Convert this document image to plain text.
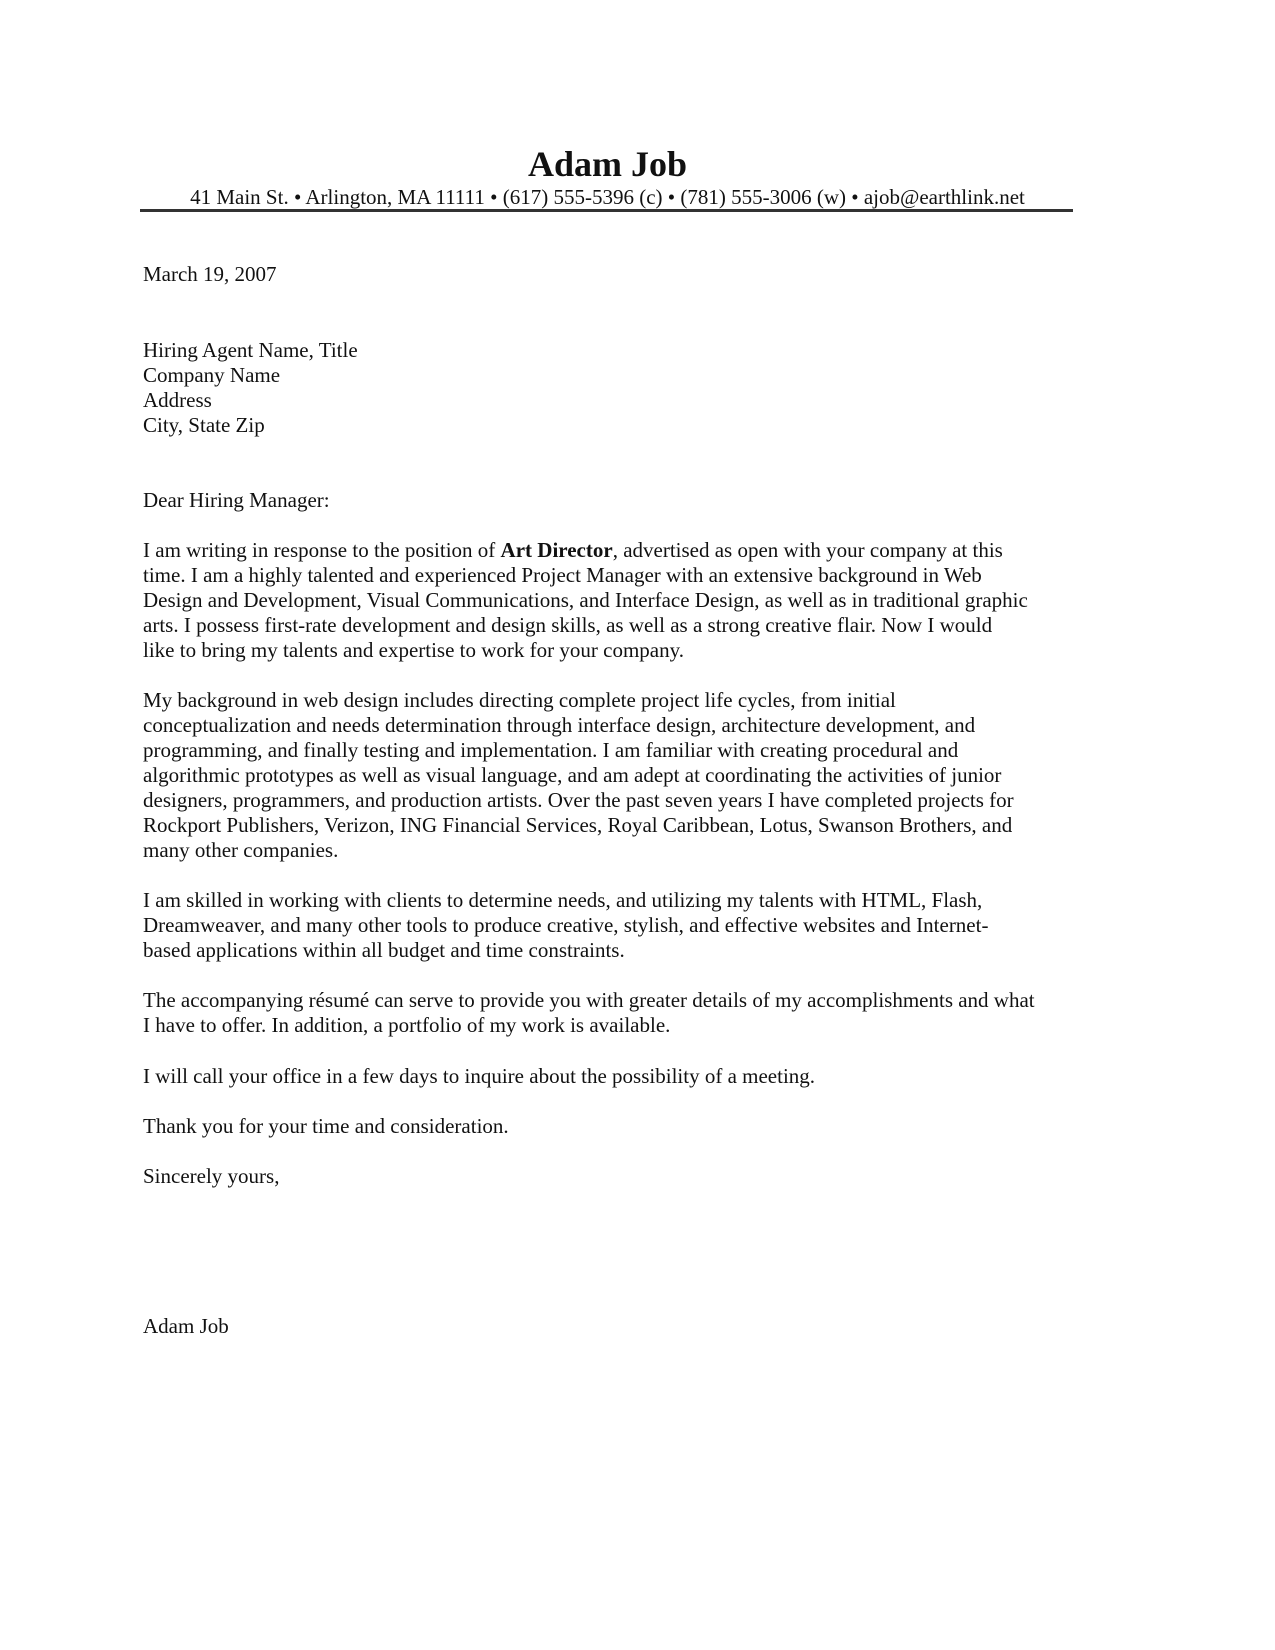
Adam Job
41 Main St. • Arlington, MA 11111 • (617) 555-5396 (c) • (781) 555-3006 (w) • ajob@earthlink.net
March 19, 2007
Hiring Agent Name, Title
Company Name
Address
City, State Zip
Dear Hiring Manager:
I am writing in response to the position of Art Director, advertised as open with your company at this
time. I am a highly talented and experienced Project Manager with an extensive background in Web
Design and Development, Visual Communications, and Interface Design, as well as in traditional graphic
arts. I possess first-rate development and design skills, as well as a strong creative flair. Now I would
like to bring my talents and expertise to work for your company.
My background in web design includes directing complete project life cycles, from initial
conceptualization and needs determination through interface design, architecture development, and
programming, and finally testing and implementation. I am familiar with creating procedural and
algorithmic prototypes as well as visual language, and am adept at coordinating the activities of junior
designers, programmers, and production artists. Over the past seven years I have completed projects for
Rockport Publishers, Verizon, ING Financial Services, Royal Caribbean, Lotus, Swanson Brothers, and
many other companies.
I am skilled in working with clients to determine needs, and utilizing my talents with HTML, Flash,
Dreamweaver, and many other tools to produce creative, stylish, and effective websites and Internet-
based applications within all budget and time constraints.
The accompanying résumé can serve to provide you with greater details of my accomplishments and what
I have to offer. In addition, a portfolio of my work is available.
I will call your office in a few days to inquire about the possibility of a meeting.
Thank you for your time and consideration.
Sincerely yours,
Adam Job
